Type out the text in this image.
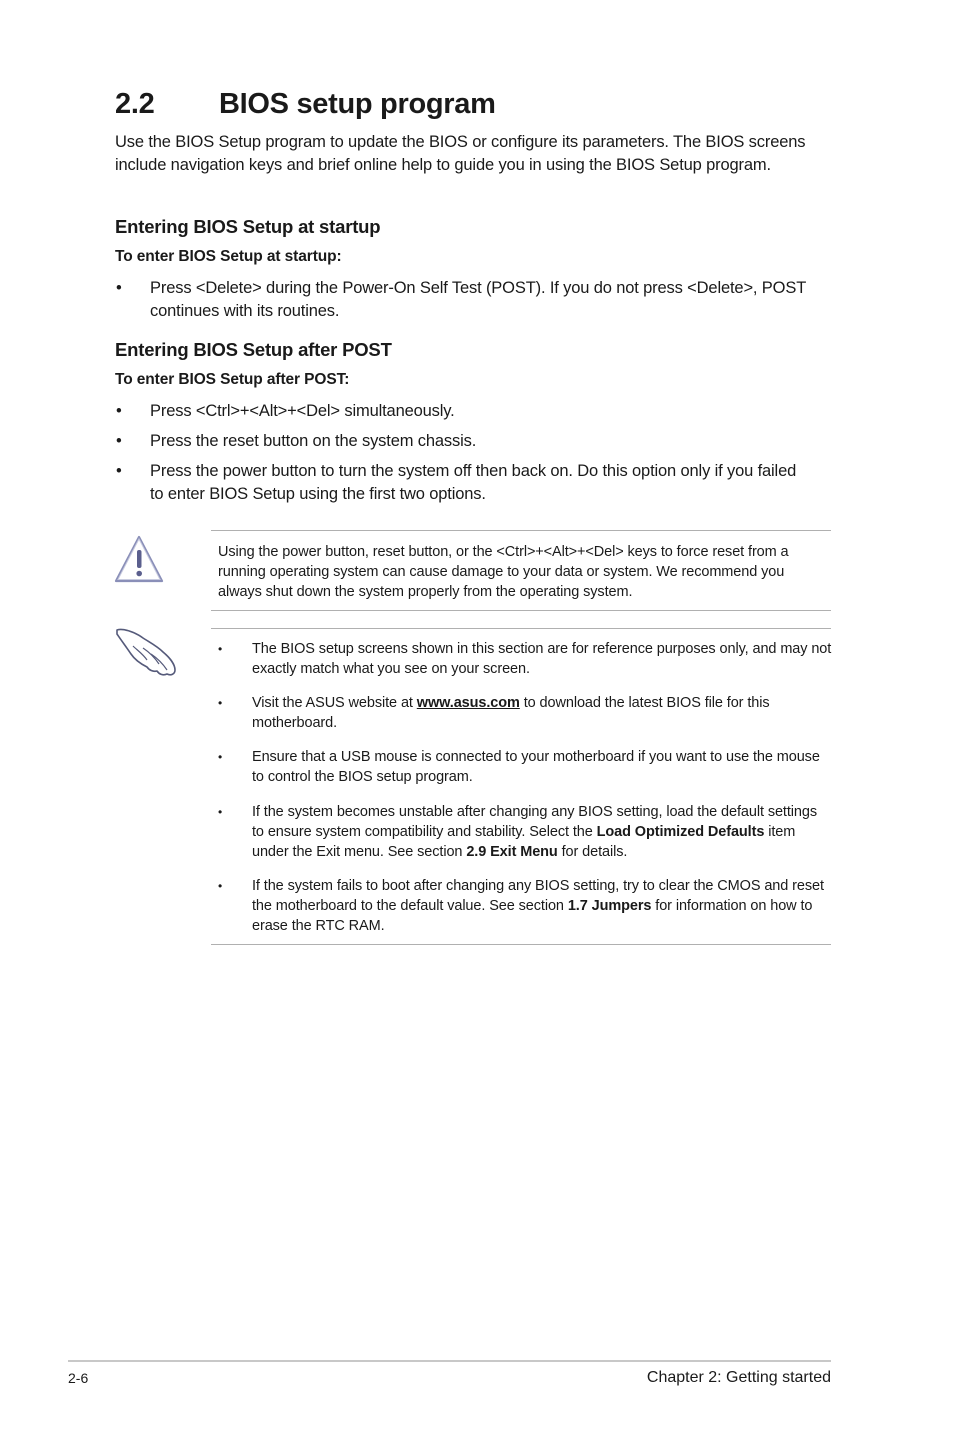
2.2 BIOS setup program
Use the BIOS Setup program to update the BIOS or configure its parameters. The BIOS screens include navigation keys and brief online help to guide you in using the BIOS Setup program.
Entering BIOS Setup at startup
To enter BIOS Setup at startup:
• Press <Delete> during the Power-On Self Test (POST). If you do not press <Delete>, POST continues with its routines.
Entering BIOS Setup after POST
To enter BIOS Setup after POST:
• Press <Ctrl>+<Alt>+<Del> simultaneously.
• Press the reset button on the system chassis.
• Press the power button to turn the system off then back on. Do this option only if you failed to enter BIOS Setup using the first two options.
Using the power button, reset button, or the <Ctrl>+<Alt>+<Del> keys to force reset from a running operating system can cause damage to your data or system. We recommend you always shut down the system properly from the operating system.
• The BIOS setup screens shown in this section are for reference purposes only, and may not exactly match what you see on your screen.
• Visit the ASUS website at www.asus.com to download the latest BIOS file for this motherboard.
• Ensure that a USB mouse is connected to your motherboard if you want to use the mouse to control the BIOS setup program.
• If the system becomes unstable after changing any BIOS setting, load the default settings to ensure system compatibility and stability. Select the Load Optimized Defaults item under the Exit menu. See section 2.9 Exit Menu for details.
• If the system fails to boot after changing any BIOS setting, try to clear the CMOS and reset the motherboard to the default value. See section 1.7 Jumpers for information on how to erase the RTC RAM.
2-6	Chapter 2: Getting started
